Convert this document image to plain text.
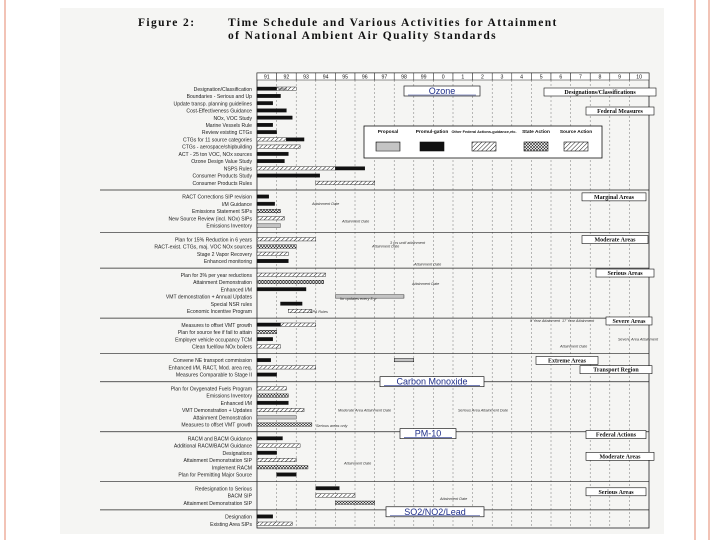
Figure 2:	Time Schedule and Various Activities for Attainment
of National Ambient Air Quality Standards
91	92	93	94	95	96	97	98	99	0	1	2	3	4	5	6	7	8	9	10
Designation/Classification
Boundaries - Serious and Up
Update transp. planning guidelines
Cost-Effectiveness Guidance
NOx, VOC Study
Marine Vessels Rule
Review existing CTGs
CTGs for 11 source categories
CTGs - aerospace/shipbuilding
ACT - 25 ton VOC, NOx sources
Ozone Design Value Study
NSPS Rules
Consumer Products Study
Consumer Products Rules
RACT Corrections SIP revision
I/M Guidance
Emissions Statement SIPs
New Source Review (incl. NOx) SIPs
Emissions Inventory
Plan for 15% Reduction in 6 years
RACT-exist. CTGs, maj. VOC NOx sources
Stage 2 Vapor Recovery
Enhanced monitoring
Plan for 3% per year reductions
Attainment Demonstration
Enhanced I/M
VMT demonstration + Annual Updates
Special NSR rules
Economic Incentive Program
Measures to offset VMT growth
Plan for source fee if fail to attain
Employer vehicle occupancy TCM
Clean fuel/low NOx boilers
Convene NE transport commission
Enhanced I/M, RACT, Mod. area req.
Measures Comparable to Stage II
Plan for Oxygenated Fuels Program
Emissions Inventory
Enhanced I/M
VMT Demonstration + Updates
Attainment Demonstration
Measures to offset VMT growth
RACM and BACM Guidance
Additional RACM/BACM Guidance
Designations
Attainment Demonstration SIP
Implement RACM
Plan for Permitting Major Source
Redesignation to Serious
BACM SIP
Attainment Demonstration SIP
Designation
Existing Area SIPs
Ozone
Carbon Monoxide
PM-10
SO2/NO2/Lead
Designations/Classifications
Federal Measures
Marginal Areas
Moderate Areas
Serious Areas
Severe Areas
Extreme Areas
Transport Region
Federal Actions
Moderate Areas
Serious Areas
Proposal	Promul-gation Other Federal Actions-guidance,etc. State Action Source Action
Initial
Attainment Date
Attainment Date
Attainment Date
Attainment Date
3 yrs until attainment
Attainment Date
for updates every 3 yr
EPA Rules
If Year Attainment 17 Year Attainment
Severe Area Attainment
Attainment Date
Serious areas only
Moderate Area Attainment Date	Serious Area Attainment Date
Attainment Date
Attainment Date
